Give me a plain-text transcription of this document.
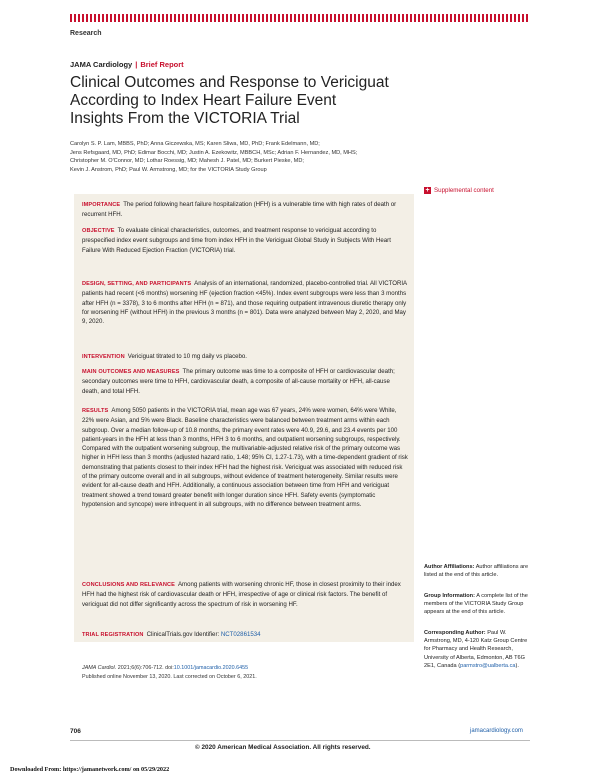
Research
JAMA Cardiology | Brief Report
Clinical Outcomes and Response to Vericiguat
According to Index Heart Failure Event
Insights From the VICTORIA Trial
Carolyn S. P. Lam, MBBS, PhD; Anna Giczewska, MS; Karen Sliwa, MD, PhD; Frank Edelmann, MD;
Jens Refsgaard, MD, PhD; Edimar Bocchi, MD; Justin A. Ezekowitz, MBBCH, MSc; Adrian F. Hernandez, MD, MHS;
Christopher M. O'Connor, MD; Lothar Roessig, MD; Mahesh J. Patel, MD; Burkert Pieske, MD;
Kevin J. Anstrom, PhD; Paul W. Armstrong, MD; for the VICTORIA Study Group
+ Supplemental content
IMPORTANCE The period following heart failure hospitalization (HFH) is a vulnerable time with high rates of death or recurrent HFH.
OBJECTIVE To evaluate clinical characteristics, outcomes, and treatment response to vericiguat according to prespecified index event subgroups and time from index HFH in the Vericiguat Global Study in Subjects With Heart Failure With Reduced Ejection Fraction (VICTORIA) trial.
DESIGN, SETTING, AND PARTICIPANTS Analysis of an international, randomized, placebo-controlled trial. All VICTORIA patients had recent (<6 months) worsening HF (ejection fraction <45%). Index event subgroups were less than 3 months after HFH (n = 3378), 3 to 6 months after HFH (n = 871), and those requiring outpatient intravenous diuretic therapy only for worsening HF (without HFH) in the previous 3 months (n = 801). Data were analyzed between May 2, 2020, and May 9, 2020.
INTERVENTION Vericiguat titrated to 10 mg daily vs placebo.
MAIN OUTCOMES AND MEASURES The primary outcome was time to a composite of HFH or cardiovascular death; secondary outcomes were time to HFH, cardiovascular death, a composite of all-cause mortality or HFH, all-cause death, and total HFH.
RESULTS Among 5050 patients in the VICTORIA trial, mean age was 67 years, 24% were women, 64% were White, 22% were Asian, and 5% were Black. Baseline characteristics were balanced between treatment arms within each subgroup. Over a median follow-up of 10.8 months, the primary event rates were 40.9, 29.6, and 23.4 events per 100 patient-years in the HFH at less than 3 months, HFH 3 to 6 months, and outpatient worsening subgroups, respectively. Compared with the outpatient worsening subgroup, the multivariable-adjusted relative risk of the primary outcome was higher in HFH less than 3 months (adjusted hazard ratio, 1.48; 95% CI, 1.27-1.73), with a time-dependent gradient of risk demonstrating that patients closest to their index HFH had the highest risk. Vericiguat was associated with reduced risk of the primary outcome overall and in all subgroups, without evidence of treatment heterogeneity. Similar results were evident for all-cause death and HFH. Additionally, a continuous association between time from HFH and vericiguat treatment showed a trend toward greater benefit with longer duration since HFH. Safety events (symptomatic hypotension and syncope) were infrequent in all subgroups, with no difference between treatment arms.
CONCLUSIONS AND RELEVANCE Among patients with worsening chronic HF, those in closest proximity to their index HFH had the highest risk of cardiovascular death or HFH, irrespective of age or clinical risk factors. The benefit of vericiguat did not differ significantly across the spectrum of risk in worsening HF.
TRIAL REGISTRATION ClinicalTrials.gov Identifier: NCT02861534
Author Affiliations: Author affiliations are listed at the end of this article.
Group Information: A complete list of the members of the VICTORIA Study Group appears at the end of this article.
Corresponding Author: Paul W. Armstrong, MD, 4-120 Katz Group Centre for Pharmacy and Health Research, University of Alberta, Edmonton, AB T6G 2E1, Canada (parmstro@ualberta.ca).
JAMA Cardiol. 2021;6(6):706-712. doi:10.1001/jamacardio.2020.6455
Published online November 13, 2020. Last corrected on October 6, 2021.
706	jamacardiology.com
© 2020 American Medical Association. All rights reserved.
Downloaded From: https://jamanetwork.com/ on 05/29/2022
